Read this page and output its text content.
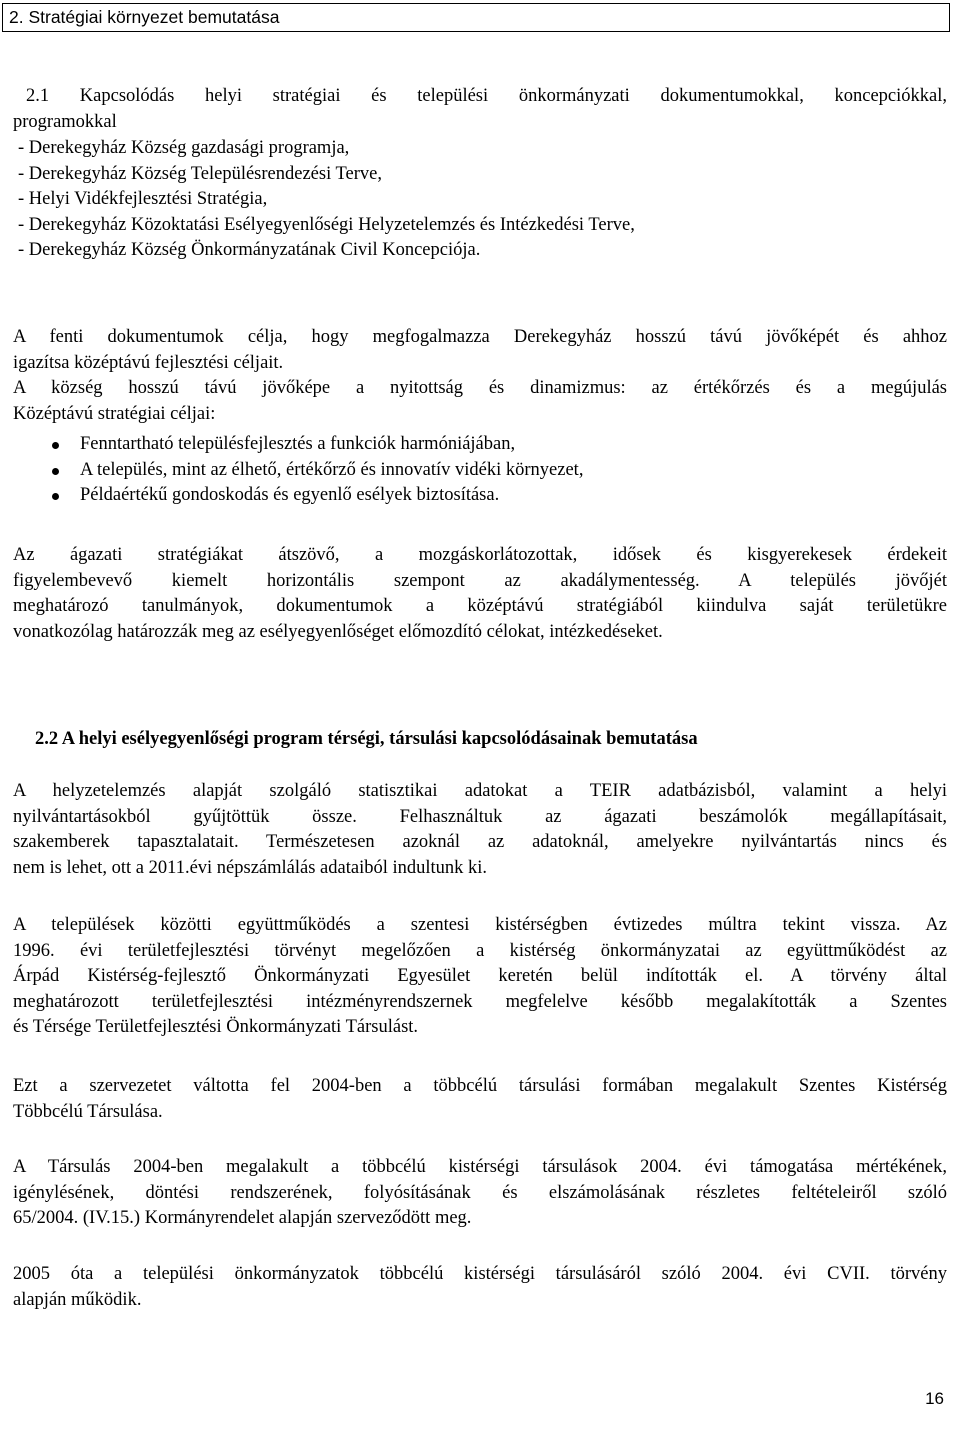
2. Stratégiai környezet bemutatása
2.1 Kapcsolódás helyi stratégiai és települési önkormányzati dokumentumokkal, koncepciókkal,
programokkal
- Derekegyház Község gazdasági programja,
- Derekegyház Község Településrendezési Terve,
- Helyi Vidékfejlesztési Stratégia,
- Derekegyház Közoktatási Esélyegyenlőségi Helyzetelemzés és Intézkedési Terve,
- Derekegyház Község Önkormányzatának Civil Koncepciója.
A fenti dokumentumok célja, hogy megfogalmazza Derekegyház hosszú távú jövőképét és ahhoz
igazítsa középtávú fejlesztési céljait.
A község hosszú távú jövőképe a nyitottság és dinamizmus: az értékőrzés és a megújulás
Középtávú stratégiai céljai:
Fenntartható településfejlesztés a funkciók harmóniájában,
A település, mint az élhető, értékőrző és innovatív vidéki környezet,
Példaértékű gondoskodás és egyenlő esélyek biztosítása.
Az ágazati stratégiákat átszövő, a mozgáskorlátozottak, idősek és kisgyerekesek érdekeit
figyelembevevő kiemelt horizontális szempont az akadálymentesség. A település jövőjét
meghatározó tanulmányok, dokumentumok a középtávú stratégiából kiindulva saját területükre
vonatkozólag határozzák meg az esélyegyenlőséget előmozdító célokat, intézkedéseket.
2.2 A helyi esélyegyenlőségi program térségi, társulási kapcsolódásainak bemutatása
A helyzetelemzés alapját szolgáló statisztikai adatokat a TEIR adatbázisból, valamint a helyi
nyilvántartásokból gyűjtöttük össze. Felhasználtuk az ágazati beszámolók megállapításait,
szakemberek tapasztalatait. Természetesen azoknál az adatoknál, amelyekre nyilvántartás nincs és
nem is lehet, ott a 2011.évi népszámlálás adataiból indultunk ki.
A települések közötti együttműködés a szentesi kistérségben évtizedes múltra tekint vissza. Az
1996. évi területfejlesztési törvényt megelőzően a kistérség önkormányzatai az együttműködést az
Árpád Kistérség-fejlesztő Önkormányzati Egyesület keretén belül indították el. A törvény által
meghatározott területfejlesztési intézményrendszernek megfelelve később megalakították a Szentes
és Térsége Területfejlesztési Önkormányzati Társulást.
Ezt a szervezetet váltotta fel 2004-ben a többcélú társulási formában megalakult Szentes Kistérség
Többcélú Társulása.
A Társulás 2004-ben megalakult a többcélú kistérségi társulások 2004. évi támogatása mértékének,
igénylésének, döntési rendszerének, folyósításának és elszámolásának részletes feltételeiről szóló
65/2004. (IV.15.) Kormányrendelet alapján szerveződött meg.
2005 óta a települési önkormányzatok többcélú kistérségi társulásáról szóló 2004. évi CVII. törvény
alapján működik.
16
